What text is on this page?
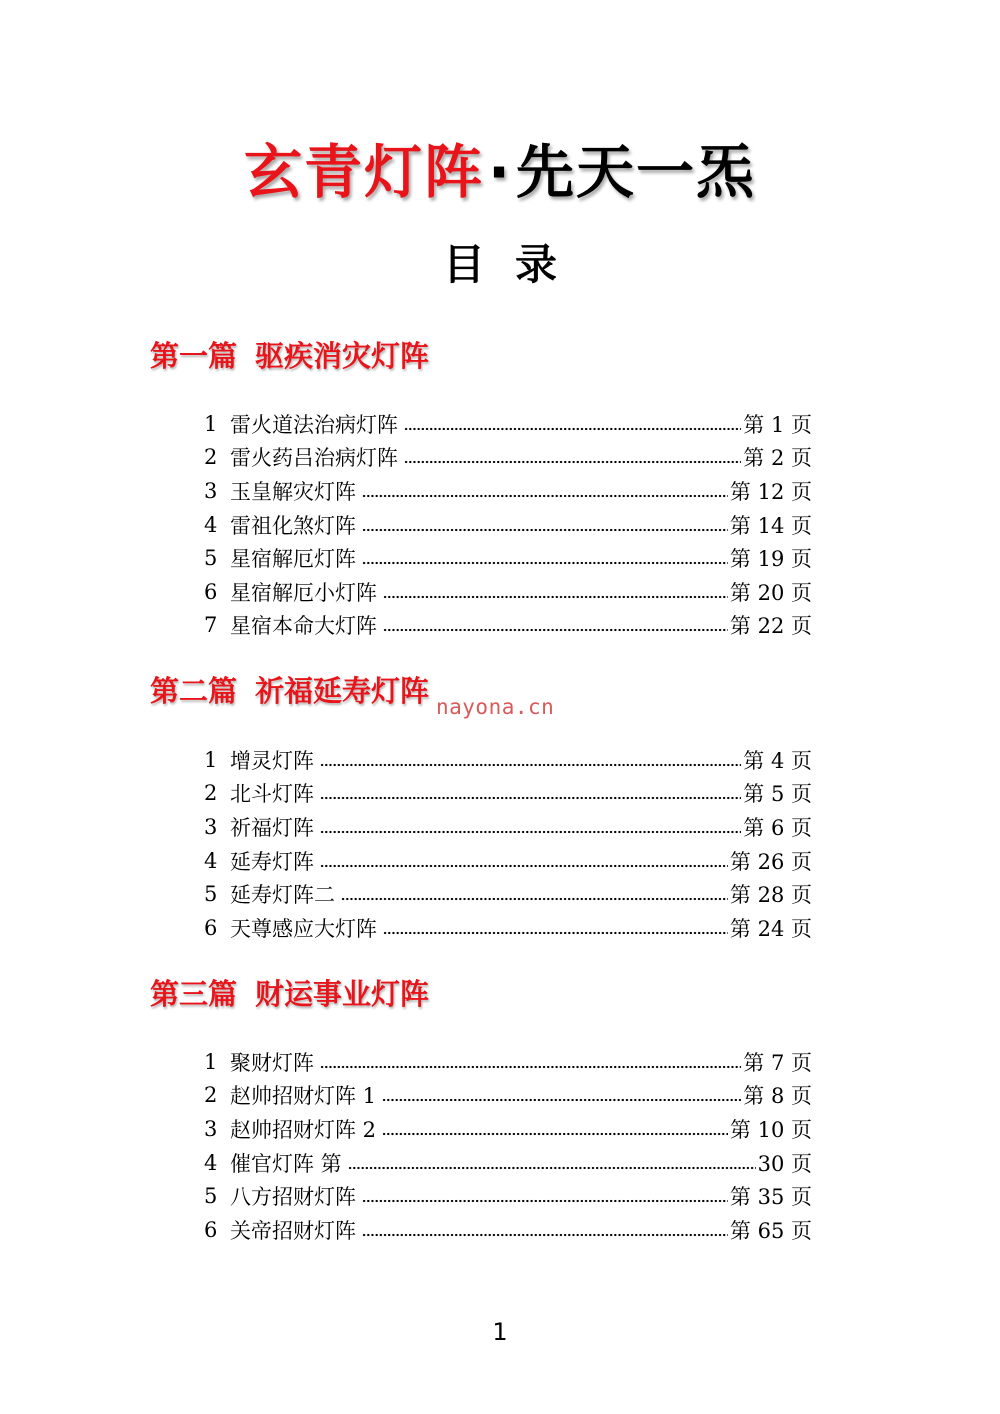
玄青灯阵·先天一炁
目录
第一篇 驱疾消灾灯阵
1 雷火道法治病灯阵	第 1 页
2 雷火药吕治病灯阵	第 2 页
3 玉皇解灾灯阵	第 12 页
4 雷祖化煞灯阵	第 14 页
5 星宿解厄灯阵	第 19 页
6 星宿解厄小灯阵	第 20 页
7 星宿本命大灯阵	第 22 页
第二篇 祈福延寿灯阵
1 增灵灯阵	第 4 页
2 北斗灯阵	第 5 页
3 祈福灯阵	第 6 页
4 延寿灯阵	第 26 页
5 延寿灯阵二	第 28 页
6 天尊感应大灯阵	第 24 页
第三篇 财运事业灯阵
1 聚财灯阵	第 7 页
2 赵帅招财灯阵 1	第 8 页
3 赵帅招财灯阵 2	第 10 页
4 催官灯阵 第	30 页
5 八方招财灯阵	第 35 页
6 关帝招财灯阵	第 65 页
nayona.cn
1
